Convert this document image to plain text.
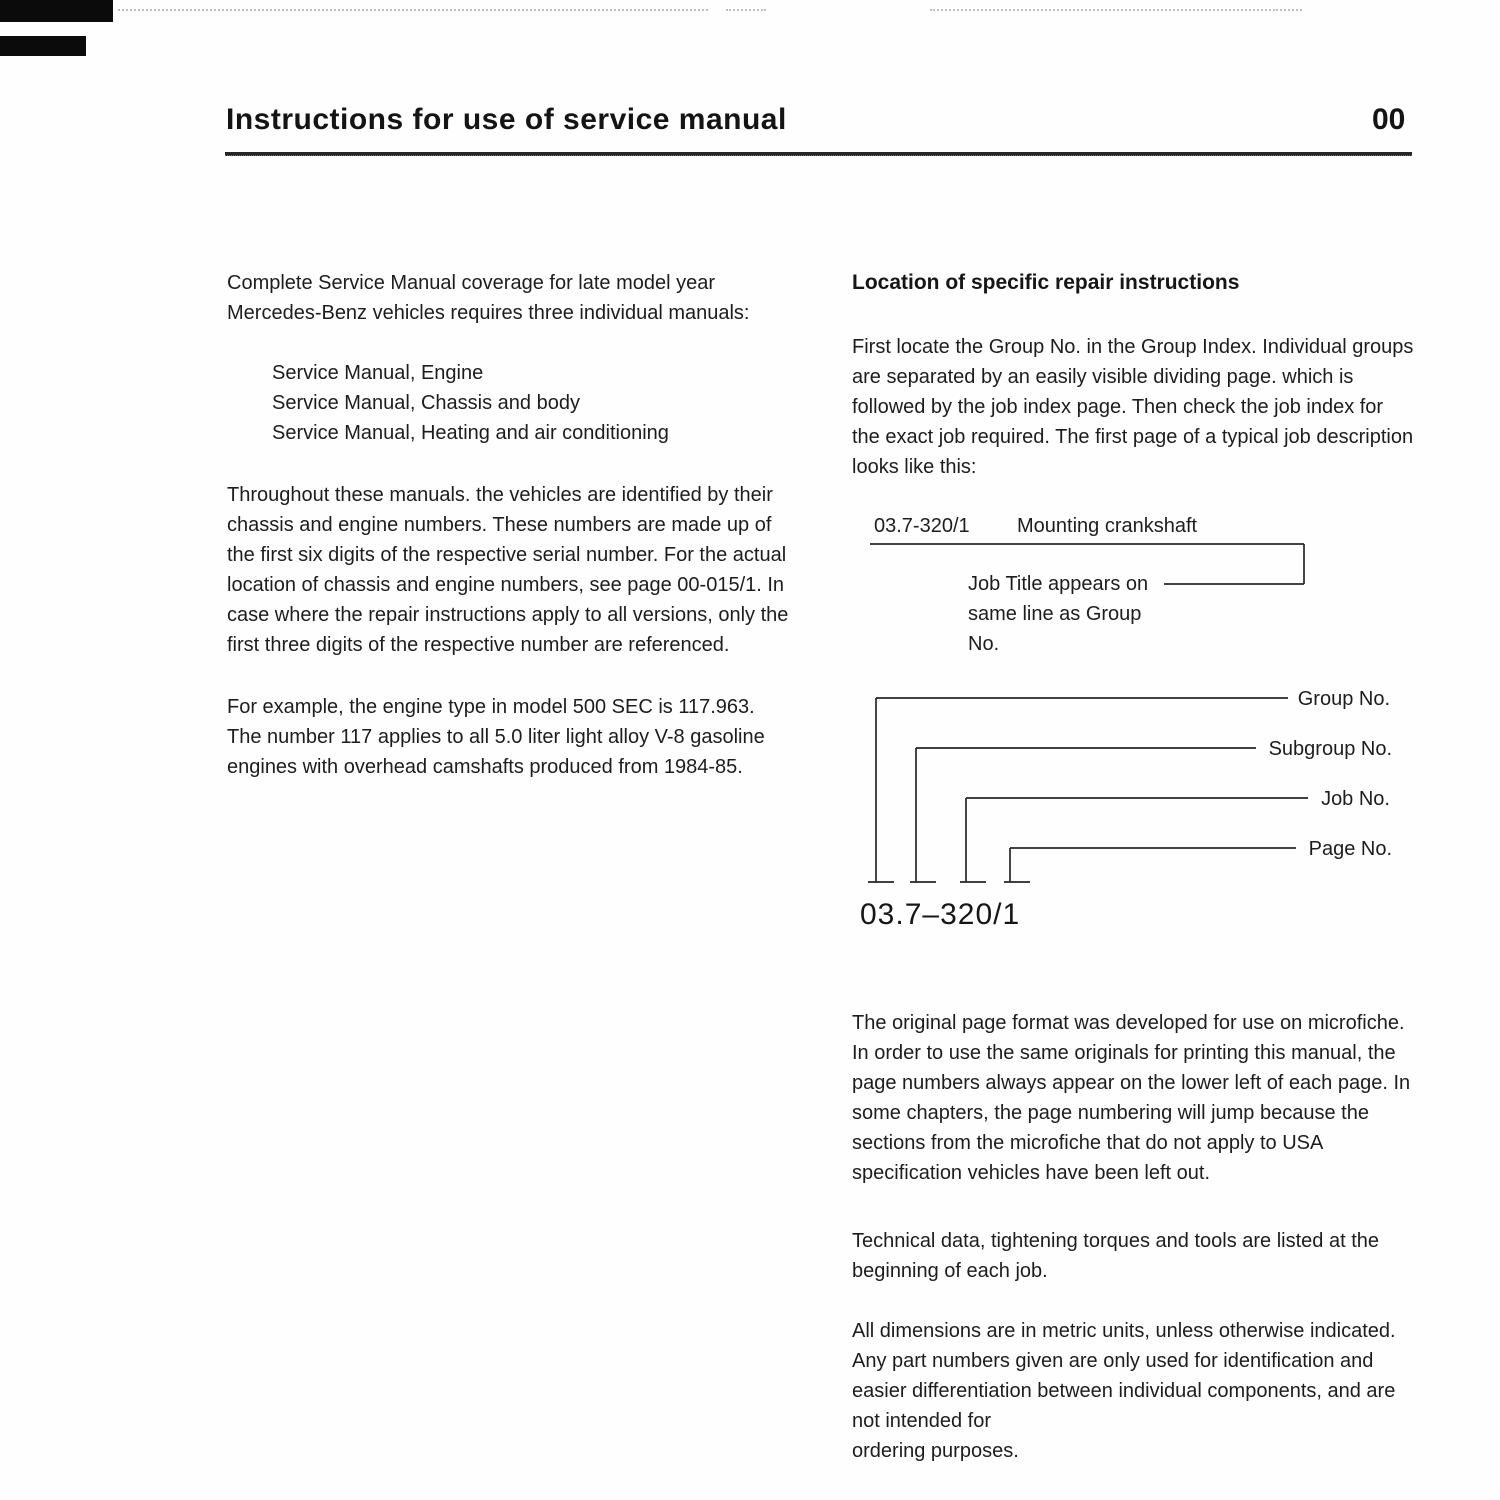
Instructions for use of service manual	00

Complete Service Manual coverage for late model year Mercedes-Benz vehicles requires three individual manuals:

Service Manual, Engine
Service Manual, Chassis and body
Service Manual, Heating and air conditioning

Throughout these manuals. the vehicles are identified by their chassis and engine numbers. These numbers are made up of the first six digits of the respective serial number. For the actual location of chassis and engine numbers, see page 00-015/1. In case where the repair instructions apply to all versions, only the first three digits of the respective number are referenced.

For example, the engine type in model 500 SEC is 117.963. The number 117 applies to all 5.0 liter light alloy V-8 gasoline engines with overhead camshafts produced from 1984-85.

Location of specific repair instructions

First locate the Group No. in the Group Index. Individual groups are separated by an easily visible dividing page. which is followed by the job index page. Then check the job index for the exact job required. The first page of a typical job description looks like this:

03.7-320/1 Mounting crankshaft
Job Title appears on
same line as Group
No.
Group No.
Subgroup No.
Job No.
Page No.
03.7–320/1

The original page format was developed for use on microfiche. In order to use the same originals for printing this manual, the page numbers always appear on the lower left of each page. In some chapters, the page numbering will jump because the sections from the microfiche that do not apply to USA specification vehicles have been left out.

Technical data, tightening torques and tools are listed at the beginning of each job.

All dimensions are in metric units, unless otherwise indicated. Any part numbers given are only used for identification and easier differentiation between individual components, and are not intended for

ordering purposes.
